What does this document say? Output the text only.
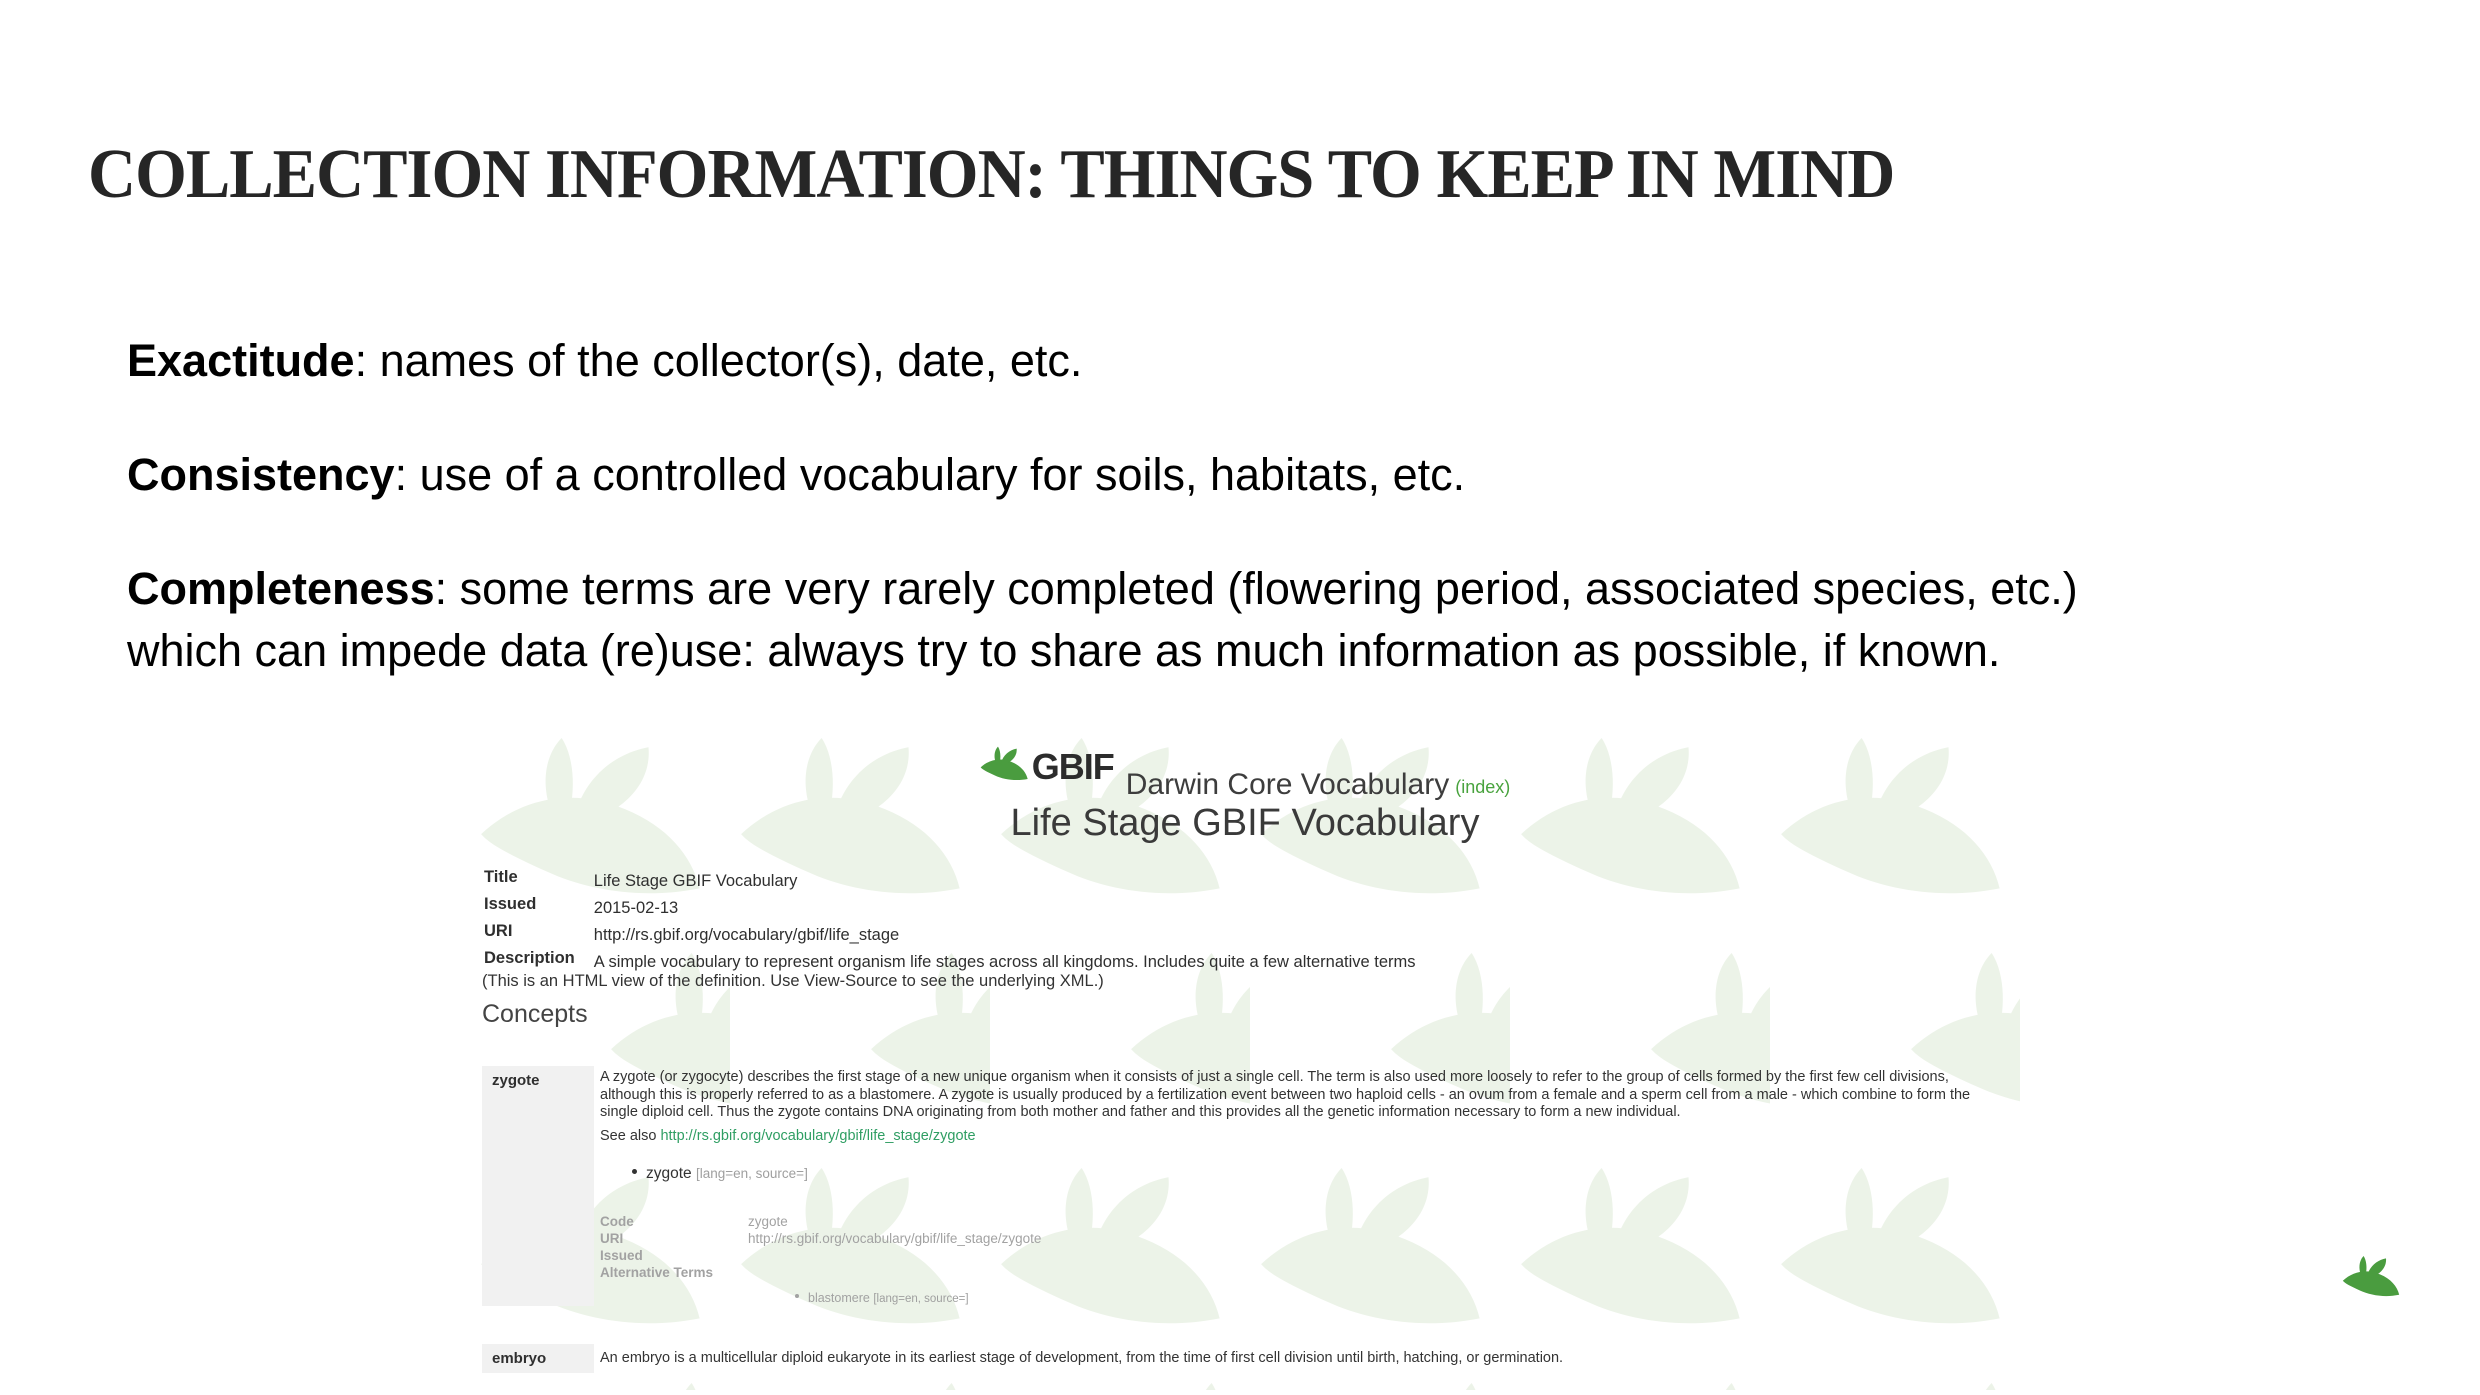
COLLECTION INFORMATION: THINGS TO KEEP IN MIND

Exactitude: names of the collector(s), date, etc.

Consistency: use of a controlled vocabulary for soils, habitats, etc.

Completeness: some terms are very rarely completed (flowering period, associated species, etc.)
which can impede data (re)use: always try to share as much information as possible, if known.

GBIF Darwin Core Vocabulary (index)
Life Stage GBIF Vocabulary
Title	Life Stage GBIF Vocabulary
Issued	2015-02-13
URI	http://rs.gbif.org/vocabulary/gbif/life_stage
Description	A simple vocabulary to represent organism life stages across all kingdoms. Includes quite a few alternative terms

(This is an HTML view of the definition. Use View-Source to see the underlying XML.)

Concepts
zygote	A zygote (or zygocyte) describes the first stage of a new unique organism when it consists of just a single cell. The term is also used more loosely to refer to the group of cells formed by the first few cell divisions, although this is properly referred to as a blastomere. A zygote is usually produced by a fertilization event between two haploid cells - an ovum from a female and a sperm cell from a male - which combine to form the single diploid cell. Thus the zygote contains DNA originating from both mother and father and this provides all the genetic information necessary to form a new individual.

See also http://rs.gbif.org/vocabulary/gbif/life_stage/zygote

zygote [lang=en, source=]
Code	zygote
URI	http://rs.gbif.org/vocabulary/gbif/life_stage/zygote
Issued
Alternative Terms
blastomere [lang=en, source=]
embryo	An embryo is a multicellular diploid eukaryote in its earliest stage of development, from the time of first cell division until birth, hatching, or germination.
